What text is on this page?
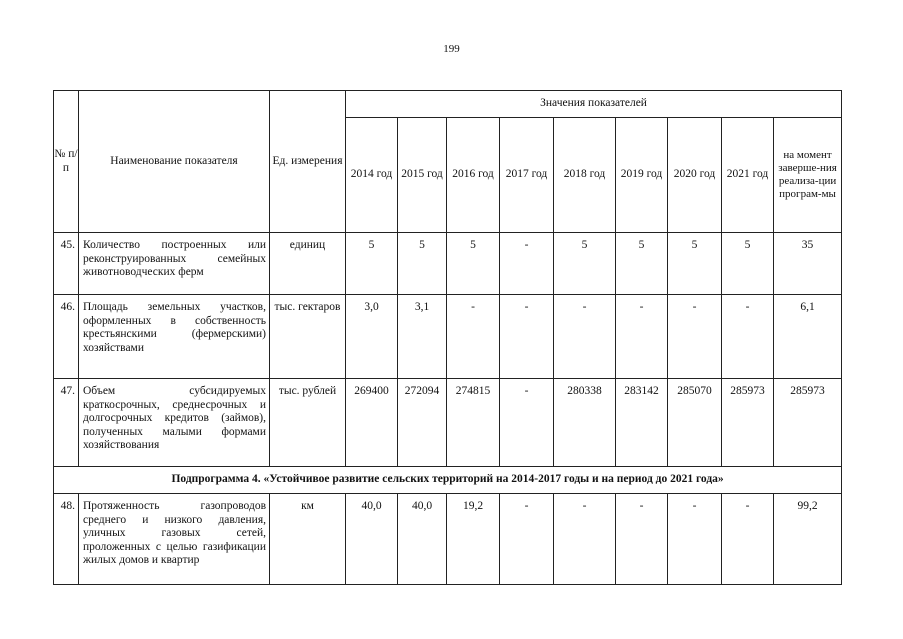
199
№ п/п	Наименование показателя	Ед. измерения	Значения показателей								
			2014 год	2015 год	2016 год	2017 год	2018 год	2019 год	2020 год	2021 год	на момент заверше-ния реализа-ции програм-мы
45.	Количество построенных или реконструированных семейных животноводческих ферм	единиц	5	5	5	-	5	5	5	5	35
46.	Площадь земельных участков, оформленных в собственность крестьянскими (фермерскими) хозяйствами	тыс. гектаров	3,0	3,1	-	-	-	-	-	-	6,1
47.	Объем субсидируемых краткосрочных, среднесрочных и долгосрочных кредитов (займов), полученных малыми формами хозяйствования	тыс. рублей	269400	272094	274815	-	280338	283142	285070	285973	285973
Подпрограмма 4. «Устойчивое развитие сельских территорий на 2014-2017 годы и на период до 2021 года»											
48.	Протяженность газопроводов среднего и низкого давления, уличных газовых сетей, проложенных с целью газификации жилых домов и квартир	км	40,0	40,0	19,2	-	-	-	-	-	99,2
